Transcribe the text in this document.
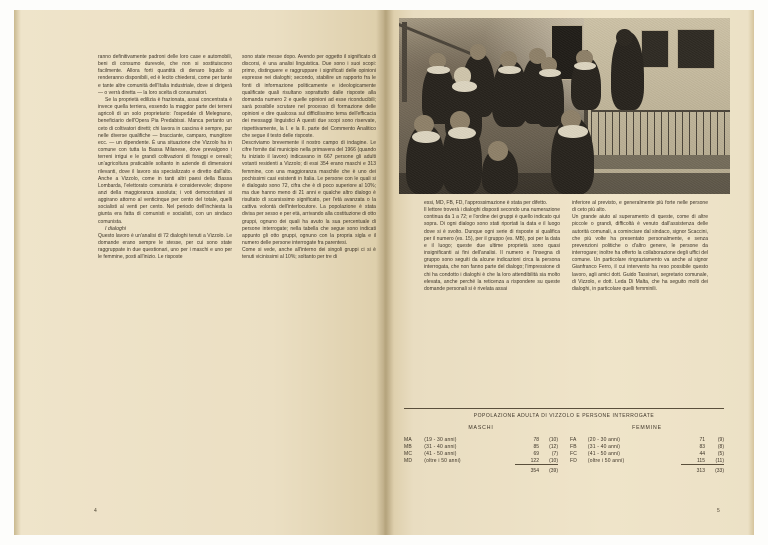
ranno definitivamente padroni delle loro case e automobili, beni di consumo durevole, che non si sostituiscono facilmente. Allora forti quantità di denaro liquido si renderanno disponibili, ed è lecito chiedersi, come per tante e tante altre comunità dell'Italia industriale, dove si dirigerà — o verrà diretta — la loro scelta di consumatori.

Se la proprietà edilizia è frazionata, assai concentrata è invece quella terriera, essendo la maggior parte dei terreni agricoli di un solo proprietario: l'ospedale di Melegnano, beneficiario dell'Opera Pia Predabissi. Manca pertanto un ceto di coltivatori diretti; chi lavora in cascina è sempre, pur nelle diverse qualifiche — bracciante, camparo, mungitore ecc. — un dipendente. È una situazione che Vizzolo ha in comune con tutta la Bassa Milanese, dove prevalgono i terreni irrigui e le grandi coltivazioni di foraggi e cereali; un'agricoltura praticabile soltanto in aziende di dimensioni rilevanti, dove il lavoro sia specializzato e diretto dall'alto. Anche a Vizzolo, come in tanti altri paesi della Bassa Lombarda, l'elettorato comunista è considerevole; dispone anzi della maggioranza assoluta; i voti democristiani si aggirano attorno al venticinque per cento del totale, quelli socialisti al venti per cento. Nel periodo dell'inchiesta la giunta era fatta di comunisti e socialisti, con un sindaco comunista.

I dialoghi

Questo lavoro è un'analisi di 72 dialoghi tenuti a Vizzolo. Le domande erano sempre le stesse, per cui sono state raggruppate in due questionari, uno per i maschi e uno per le femmine, posti all'inizio. Le risposte

sono state messe dopo. Avendo per oggetto il significato di discorsi, è una analisi linguistica. Due sono i suoi scopi: primo, distinguere e raggruppare i significati delle opinioni espresse nei dialoghi; secondo, stabilire un rapporto fra le fonti di informazione politicamente e ideologicamente qualificate quali risultano soprattutto dalle risposte alla domanda numero 2 e quelle opinioni ad esse riconducibili; sarà possibile scrutare nel processo di formazione delle opinioni e dire qualcosa sul difficilissimo tema dell'efficacia dei messaggi linguistici A questi due scopi sono riservate, rispettivamente, la I. e la II. parte del Commento Analitico che segue il testo delle risposte.

Descriviamo brevemente il nostro campo di indagine. Le cifre fornite dal municipio nella primavera del 1966 (quando fu iniziato il lavoro) indicavano in 667 persone gli adulti votanti residenti a Vizzolo; di essi 354 erano maschi e 313 femmine, con una maggioranza maschile che è uno dei pochissimi casi esistenti in Italia. Le persone con le quali si è dialogato sono 72, cifra che è di poco superiore al 10%; ma due hanno meno di 21 anni e qualche altro dialogo è risultato di scarsissimo significato, per l'età avanzata o la cattiva volontà dell'interlocutore. La popolazione è stata divisa per sesso e per età, arrivando alla costituzione di otto gruppi, ognuno dei quali ha avuto la sua percentuale di persone interrogate; nella tabella che segue sono indicati appunto gli otto gruppi, ognuno con la propria sigla e il numero delle persone interrogate fra parentesi.

Come si vede, anche all'interno dei singoli gruppi ci si è tenuti vicinissimi al 10%; soltanto per tre di

essi, MD, FB, FD, l'approssimazione è stata per difetto.

Il lettore troverà i dialoghi disposti secondo una numerazione continua da 1 a 72; e l'ordine dei gruppi è quello indicato qui sopra. Di ogni dialogo sono stati riportati la data e il luogo dove si è svolto. Dunque ogni serie di risposte si qualifica per il numero (es. 15), per il gruppo (es. MB), poi per la data e il luogo; queste due ultime proprietà sono quasi insignificanti ai fini dell'analisi. Il numero e l'insegna di gruppo sono seguiti da alcune indicazioni circa la persona interrogata, che non fanno parte del dialogo; l'impressione di chi ha condotto i dialoghi è che la loro attendibilità sia molto elevata, anche perché la reticenza a rispondere su queste domande personali si è rivelata assai

inferiore al previsto, e generalmente più forte nelle persone di ceto più alto.

Un grande aiuto al superamento di queste, come di altre piccole o grandi, difficoltà è venuto dall'assistenza delle autorità comunali, a cominciare dal sindaco, signor Scaccini, che più volte ha presentato personalmente, e senza prevenzioni politiche o d'altro genere, le persone da interrogare; inoltre ha offerto la collaborazione degli uffici del comune. Un particolare ringraziamento va anche al signor Gianfranco Ferro, il cui intervento ha reso possibile questo lavoro, agli amici dott. Guido Tassinari, segretario comunale, di Vizzolo, e dott. Leda Di Malta, che ha seguito molti dei dialoghi, in particolare quelli femminili.

POPOLAZIONE ADULTA DI VIZZOLO E PERSONE INTERROGATE
MASCHI
MA	(19 - 30 anni)	78	(10)
MB	(31 - 40 anni)	85	(12)
MC	(41 - 50 anni)	69	(7)
MD	(oltre i 50 anni)	122	(10)
		354	(39)
FEMMINE
FA	(20 - 30 anni)	71	(9)
FB	(31 - 40 anni)	83	(8)
FC	(41 - 50 anni)	44	(5)
FD	(oltre i 50 anni)	115	(11)
		313	(33)
4	5
